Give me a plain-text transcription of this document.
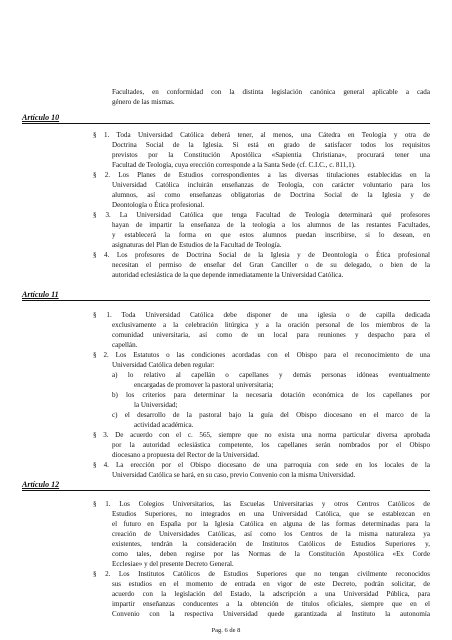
Facultades, en conformidad con la distinta legislación canónica general aplicable a cada
género de las mismas.
Artículo 10
§ 1. Toda Universidad Católica deberá tener, al menos, una Cátedra en Teología y otra de
Doctrina Social de la Iglesia. Si está en grado de satisfacer todos los requisitos
previstos por la Constitución Apostólica «Sapientia Christiana», procurará tener una
Facultad de Teología, cuya erección corresponde a la Santa Sede (cf. C.I.C., c. 811,1).
§ 2. Los Planes de Estudios correspondientes a las diversas titulaciones establecidas en la
Universidad Católica incluirán enseñanzas de Teología, con carácter voluntario para los
alumnos, así como enseñanzas obligatorias de Doctrina Social de la Iglesia y de
Deontología o Ética profesional.
§ 3. La Universidad Católica que tenga Facultad de Teología determinará qué profesores
hayan de impartir la enseñanza de la teología a los alumnos de las restantes Facultades,
y establecerá la forma en que estos alumnos puedan inscribirse, si lo desean, en
asignaturas del Plan de Estudios de la Facultad de Teología.
§ 4. Los profesores de Doctrina Social de la Iglesia y de Deontología o Ética profesional
necesitan el permiso de enseñar del Gran Canciller o de su delegado, o bien de la
autoridad eclesiástica de la que depende inmediatamente la Universidad Católica.
Artículo 11
§ 1. Toda Universidad Católica debe disponer de una iglesia o de capilla dedicada
exclusivamente a la celebración litúrgica y a la oración personal de los miembros de la
comunidad universitaria, así como de un local para reuniones y despacho para el
capellán.
§ 2. Los Estatutos o las condiciones acordadas con el Obispo para el reconocimiento de una
Universidad Católica deben regular:
a) lo relativo al capellán o capellanes y demás personas idóneas eventualmente
encargadas de promover la pastoral universitaria;
b) los criterios para determinar la necesaria dotación económica de los capellanes por
la Universidad;
c) el desarrollo de la pastoral bajo la guía del Obispo diocesano en el marco de la
actividad académica.
§ 3. De acuerdo con el c. 565, siempre que no exista una norma particular diversa aprobada
por la autoridad eclesiástica competente, los capellanes serán nombrados por el Obispo
diocesano a propuesta del Rector de la Universidad.
§ 4. La erección por el Obispo diocesano de una parroquia con sede en los locales de la
Universidad Católica se hará, en su caso, previo Convenio con la misma Universidad.
Artículo 12
§ 1. Los Colegios Universitarios, las Escuelas Universitarias y otros Centros Católicos de
Estudios Superiores, no integrados en una Universidad Católica, que se establezcan en
el futuro en España por la Iglesia Católica en alguna de las formas determinadas para la
creación de Universidades Católicas, así como los Centros de la misma naturaleza ya
existentes, tendrán la consideración de Institutos Católicos de Estudios Superiores y,
como tales, deben regirse por las Normas de la Constitución Apostólica «Ex Corde
Ecclesiae» y del presente Decreto General.
§ 2. Los Institutos Católicos de Estudios Superiores que no tengan civilmente reconocidos
sus estudios en el momento de entrada en vigor de este Decreto, podrán solicitar, de
acuerdo con la legislación del Estado, la adscripción a una Universidad Pública, para
impartir enseñanzas conducentes a la obtención de títulos oficiales, siempre que en el
Pag. 6 de 8
Convenio con la respectiva Universidad quede garantizada al Instituto la autonomía
